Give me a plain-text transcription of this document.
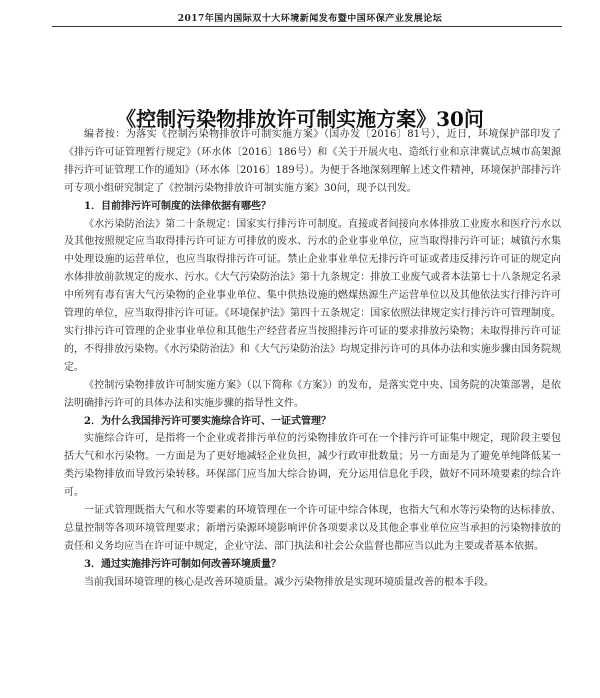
2017年国内国际双十大环境新闻发布暨中国环保产业发展论坛
《控制污染物排放许可制实施方案》30问

编者按：为落实《控制污染物排放许可制实施方案》（国办发〔2016〕81号），近日，环境保护部印发了《排污许可证管理暂行规定》（环水体〔2016〕186号）和《关于开展火电、造纸行业和京津冀试点城市高架源排污许可证管理工作的通知》（环水体〔2016〕189号）。为便于各地深刻理解上述文件精神，环境保护部排污许可专项小组研究制定了《控制污染物排放许可制实施方案》30问，现予以刊发。

1．目前排污许可制度的法律依据有哪些？

《水污染防治法》第二十条规定：国家实行排污许可制度。直接或者间接向水体排放工业废水和医疗污水以及其他按照规定应当取得排污许可证方可排放的废水、污水的企业事业单位，应当取得排污许可证；城镇污水集中处理设施的运营单位，也应当取得排污许可证。禁止企业事业单位无排污许可证或者违反排污许可证的规定向水体排放前款规定的废水、污水。《大气污染防治法》第十九条规定：排放工业废气或者本法第七十八条规定名录中所列有毒有害大气污染物的企业事业单位、集中供热设施的燃煤热源生产运营单位以及其他依法实行排污许可管理的单位，应当取得排污许可证。《环境保护法》第四十五条规定：国家依照法律规定实行排污许可管理制度。实行排污许可管理的企业事业单位和其他生产经营者应当按照排污许可证的要求排放污染物；未取得排污许可证的，不得排放污染物。《水污染防治法》和《大气污染防治法》均规定排污许可的具体办法和实施步骤由国务院规定。

《控制污染物排放许可制实施方案》（以下简称《方案》）的发布，是落实党中央、国务院的决策部署，是依法明确排污许可的具体办法和实施步骤的指导性文件。

2．为什么我国排污许可要实施综合许可、一证式管理？

实施综合许可，是指将一个企业或者排污单位的污染物排放许可在一个排污许可证集中规定，现阶段主要包括大气和水污染物。一方面是为了更好地减轻企业负担，减少行政审批数量；另一方面是为了避免单纯降低某一类污染物排放而导致污染转移。环保部门应当加大综合协调，充分运用信息化手段，做好不同环境要素的综合许可。

一证式管理既指大气和水等要素的环境管理在一个许可证中综合体现，也指大气和水等污染物的达标排放、总量控制等各项环境管理要求；新增污染源环境影响评价各项要求以及其他企事业单位应当承担的污染物排放的责任和义务均应当在许可证中规定，企业守法、部门执法和社会公众监督也都应当以此为主要或者基本依据。

3．通过实施排污许可制如何改善环境质量？

当前我国环境管理的核心是改善环境质量。减少污染物排放是实现环境质量改善的根本手段。
